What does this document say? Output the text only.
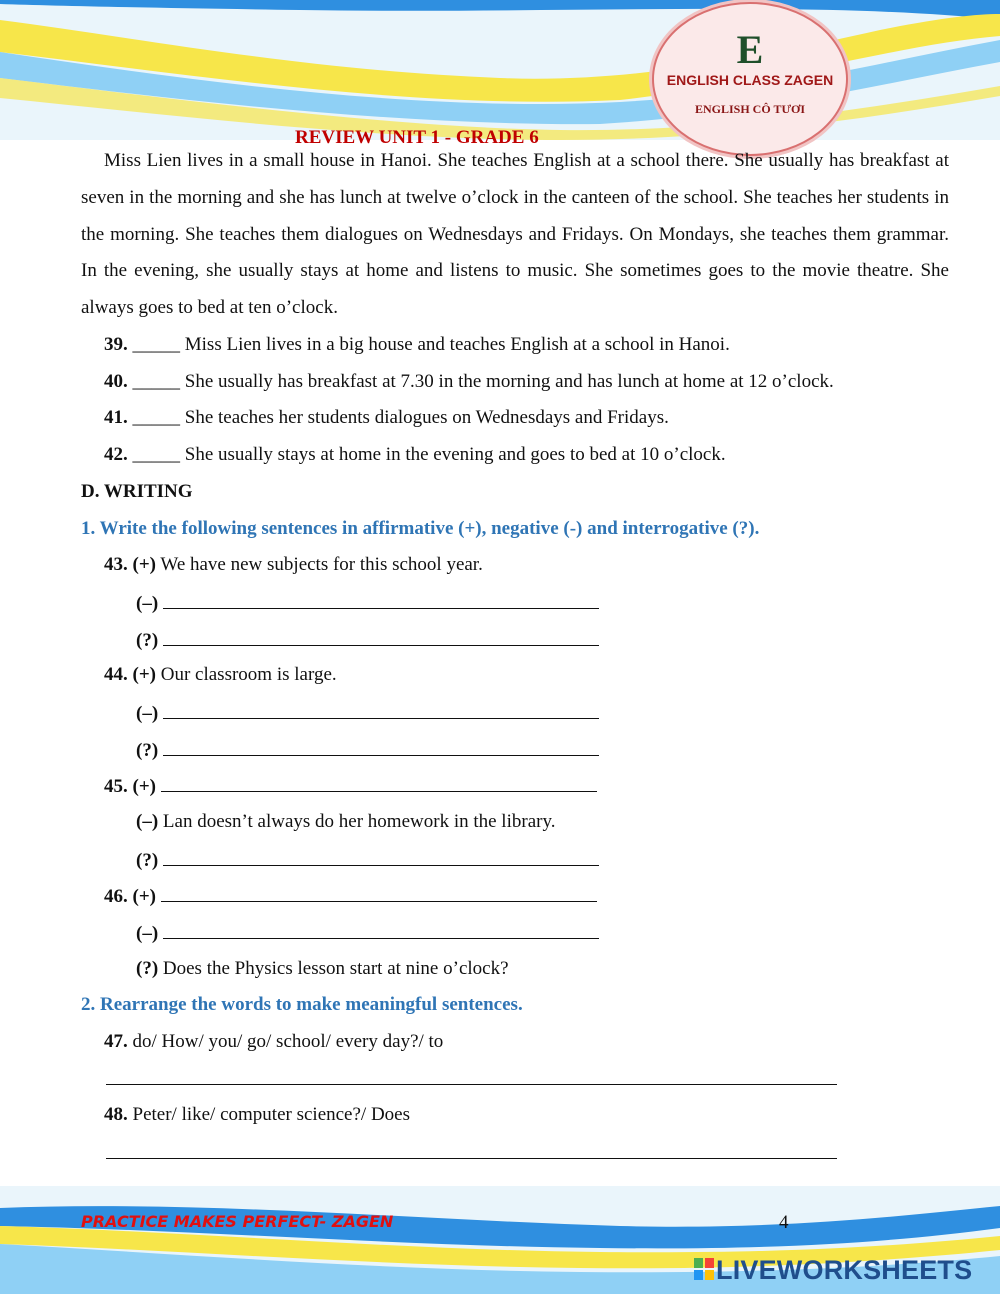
E
ENGLISH CLASS ZAGEN
ENGLISH CÔ TƯƠI
REVIEW UNIT 1 - GRADE 6
Miss Lien lives in a small house in Hanoi. She teaches English at a school there. She usually has breakfast at seven in the morning and she has lunch at twelve o’clock in the canteen of the school. She teaches her students in the morning. She teaches them dialogues on Wednesdays and Fridays. On Mondays, she teaches them grammar. In the evening, she usually stays at home and listens to music. She sometimes goes to the movie theatre. She always goes to bed at ten o’clock.
39. _____ Miss Lien lives in a big house and teaches English at a school in Hanoi.
40. _____ She usually has breakfast at 7.30 in the morning and has lunch at home at 12 o’clock.
41. _____ She teaches her students dialogues on Wednesdays and Fridays.
42. _____ She usually stays at home in the evening and goes to bed at 10 o’clock.
D. WRITING
1. Write the following sentences in affirmative (+), negative (-) and interrogative (?).
43. (+) We have new subjects for this school year.
(–)
(?)
44. (+) Our classroom is large.
(–)
(?)
45. (+)
(–) Lan doesn’t always do her homework in the library.
(?)
46. (+)
(–)
(?) Does the Physics lesson start at nine o’clock?
2. Rearrange the words to make meaningful sentences.
47. do/ How/ you/ go/ school/ every day?/ to
48. Peter/ like/ computer science?/ Does
PRACTICE MAKES PERFECT- ZAGEN	4
LIVEWORKSHEETS
